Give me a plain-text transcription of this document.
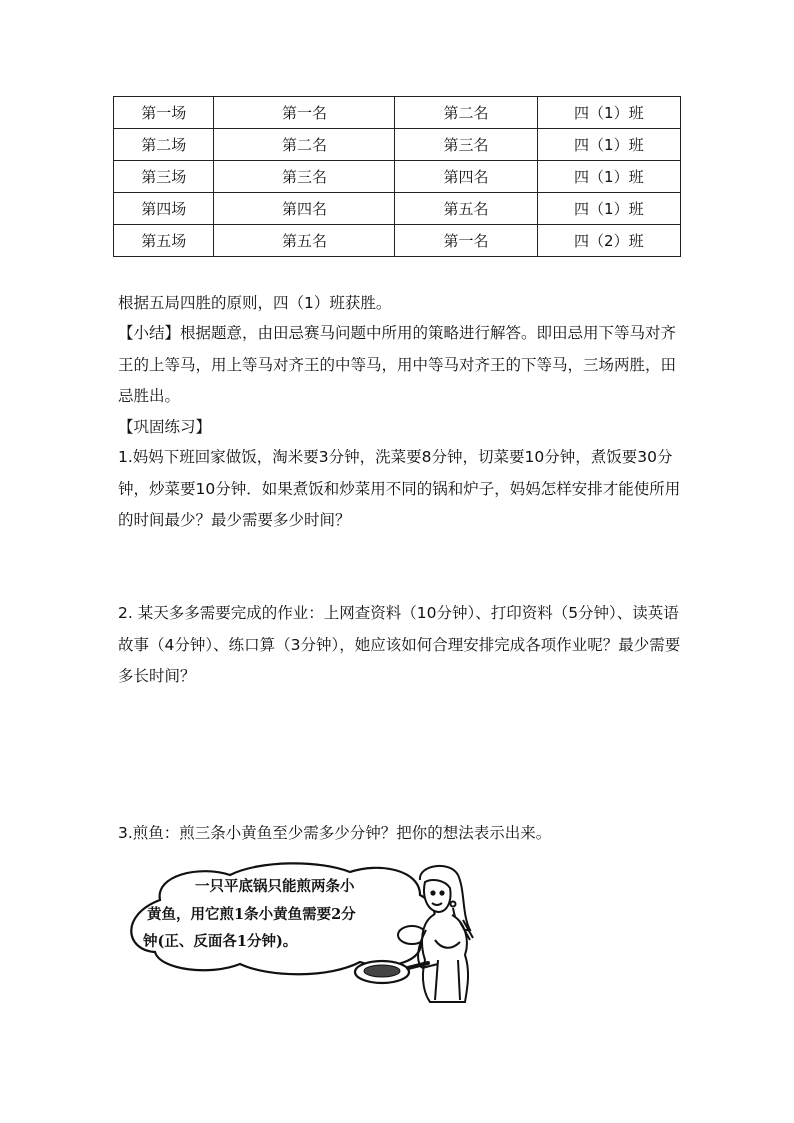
第一场	第一名	第二名	四（1）班
第二场	第二名	第三名	四（1）班
第三场	第三名	第四名	四（1）班
第四场	第四名	第五名	四（1）班
第五场	第五名	第一名	四（2）班

根据五局四胜的原则，四（1）班获胜。

【小结】根据题意，由田忌赛马问题中所用的策略进行解答。即田忌用下等马对齐王的上等马，用上等马对齐王的中等马，用中等马对齐王的下等马，三场两胜，田忌胜出。

【巩固练习】

1.妈妈下班回家做饭，淘米要3分钟，洗菜要8分钟，切菜要10分钟，煮饭要30分钟，炒菜要10分钟．如果煮饭和炒菜用不同的锅和炉子，妈妈怎样安排才能使所用的时间最少？最少需要多少时间？

2. 某天多多需要完成的作业：上网查资料（10分钟）、打印资料（5分钟）、读英语故事（4分钟）、练口算（3分钟），她应该如何合理安排完成各项作业呢？最少需要多长时间？

3.煎鱼：煎三条小黄鱼至少需多少分钟？把你的想法表示出来。

一只平底锅只能煎两条小
黄鱼，用它煎1条小黄鱼需要2分
钟(正、反面各1分钟)。
